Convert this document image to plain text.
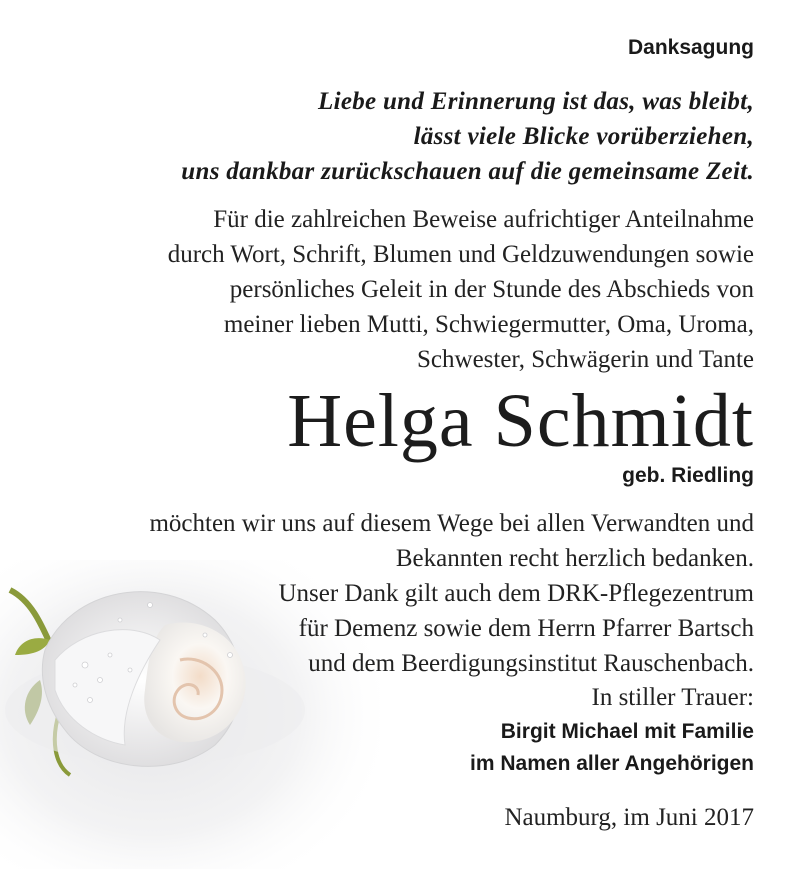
Danksagung
Liebe und Erinnerung ist das, was bleibt,
lässt viele Blicke vorüberziehen,
uns dankbar zurückschauen auf die gemeinsame Zeit.
Für die zahlreichen Beweise aufrichtiger Anteilnahme
durch Wort, Schrift, Blumen und Geldzuwendungen sowie
persönliches Geleit in der Stunde des Abschieds von
meiner lieben Mutti, Schwiegermutter, Oma, Uroma,
Schwester, Schwägerin und Tante
Helga Schmidt
geb. Riedling
möchten wir uns auf diesem Wege bei allen Verwandten und
Bekannten recht herzlich bedanken.
Unser Dank gilt auch dem DRK-Pflegezentrum
für Demenz sowie dem Herrn Pfarrer Bartsch
und dem Beerdigungsinstitut Rauschenbach.
In stiller Trauer:
Birgit Michael mit Familie
im Namen aller Angehörigen
Naumburg, im Juni 2017
